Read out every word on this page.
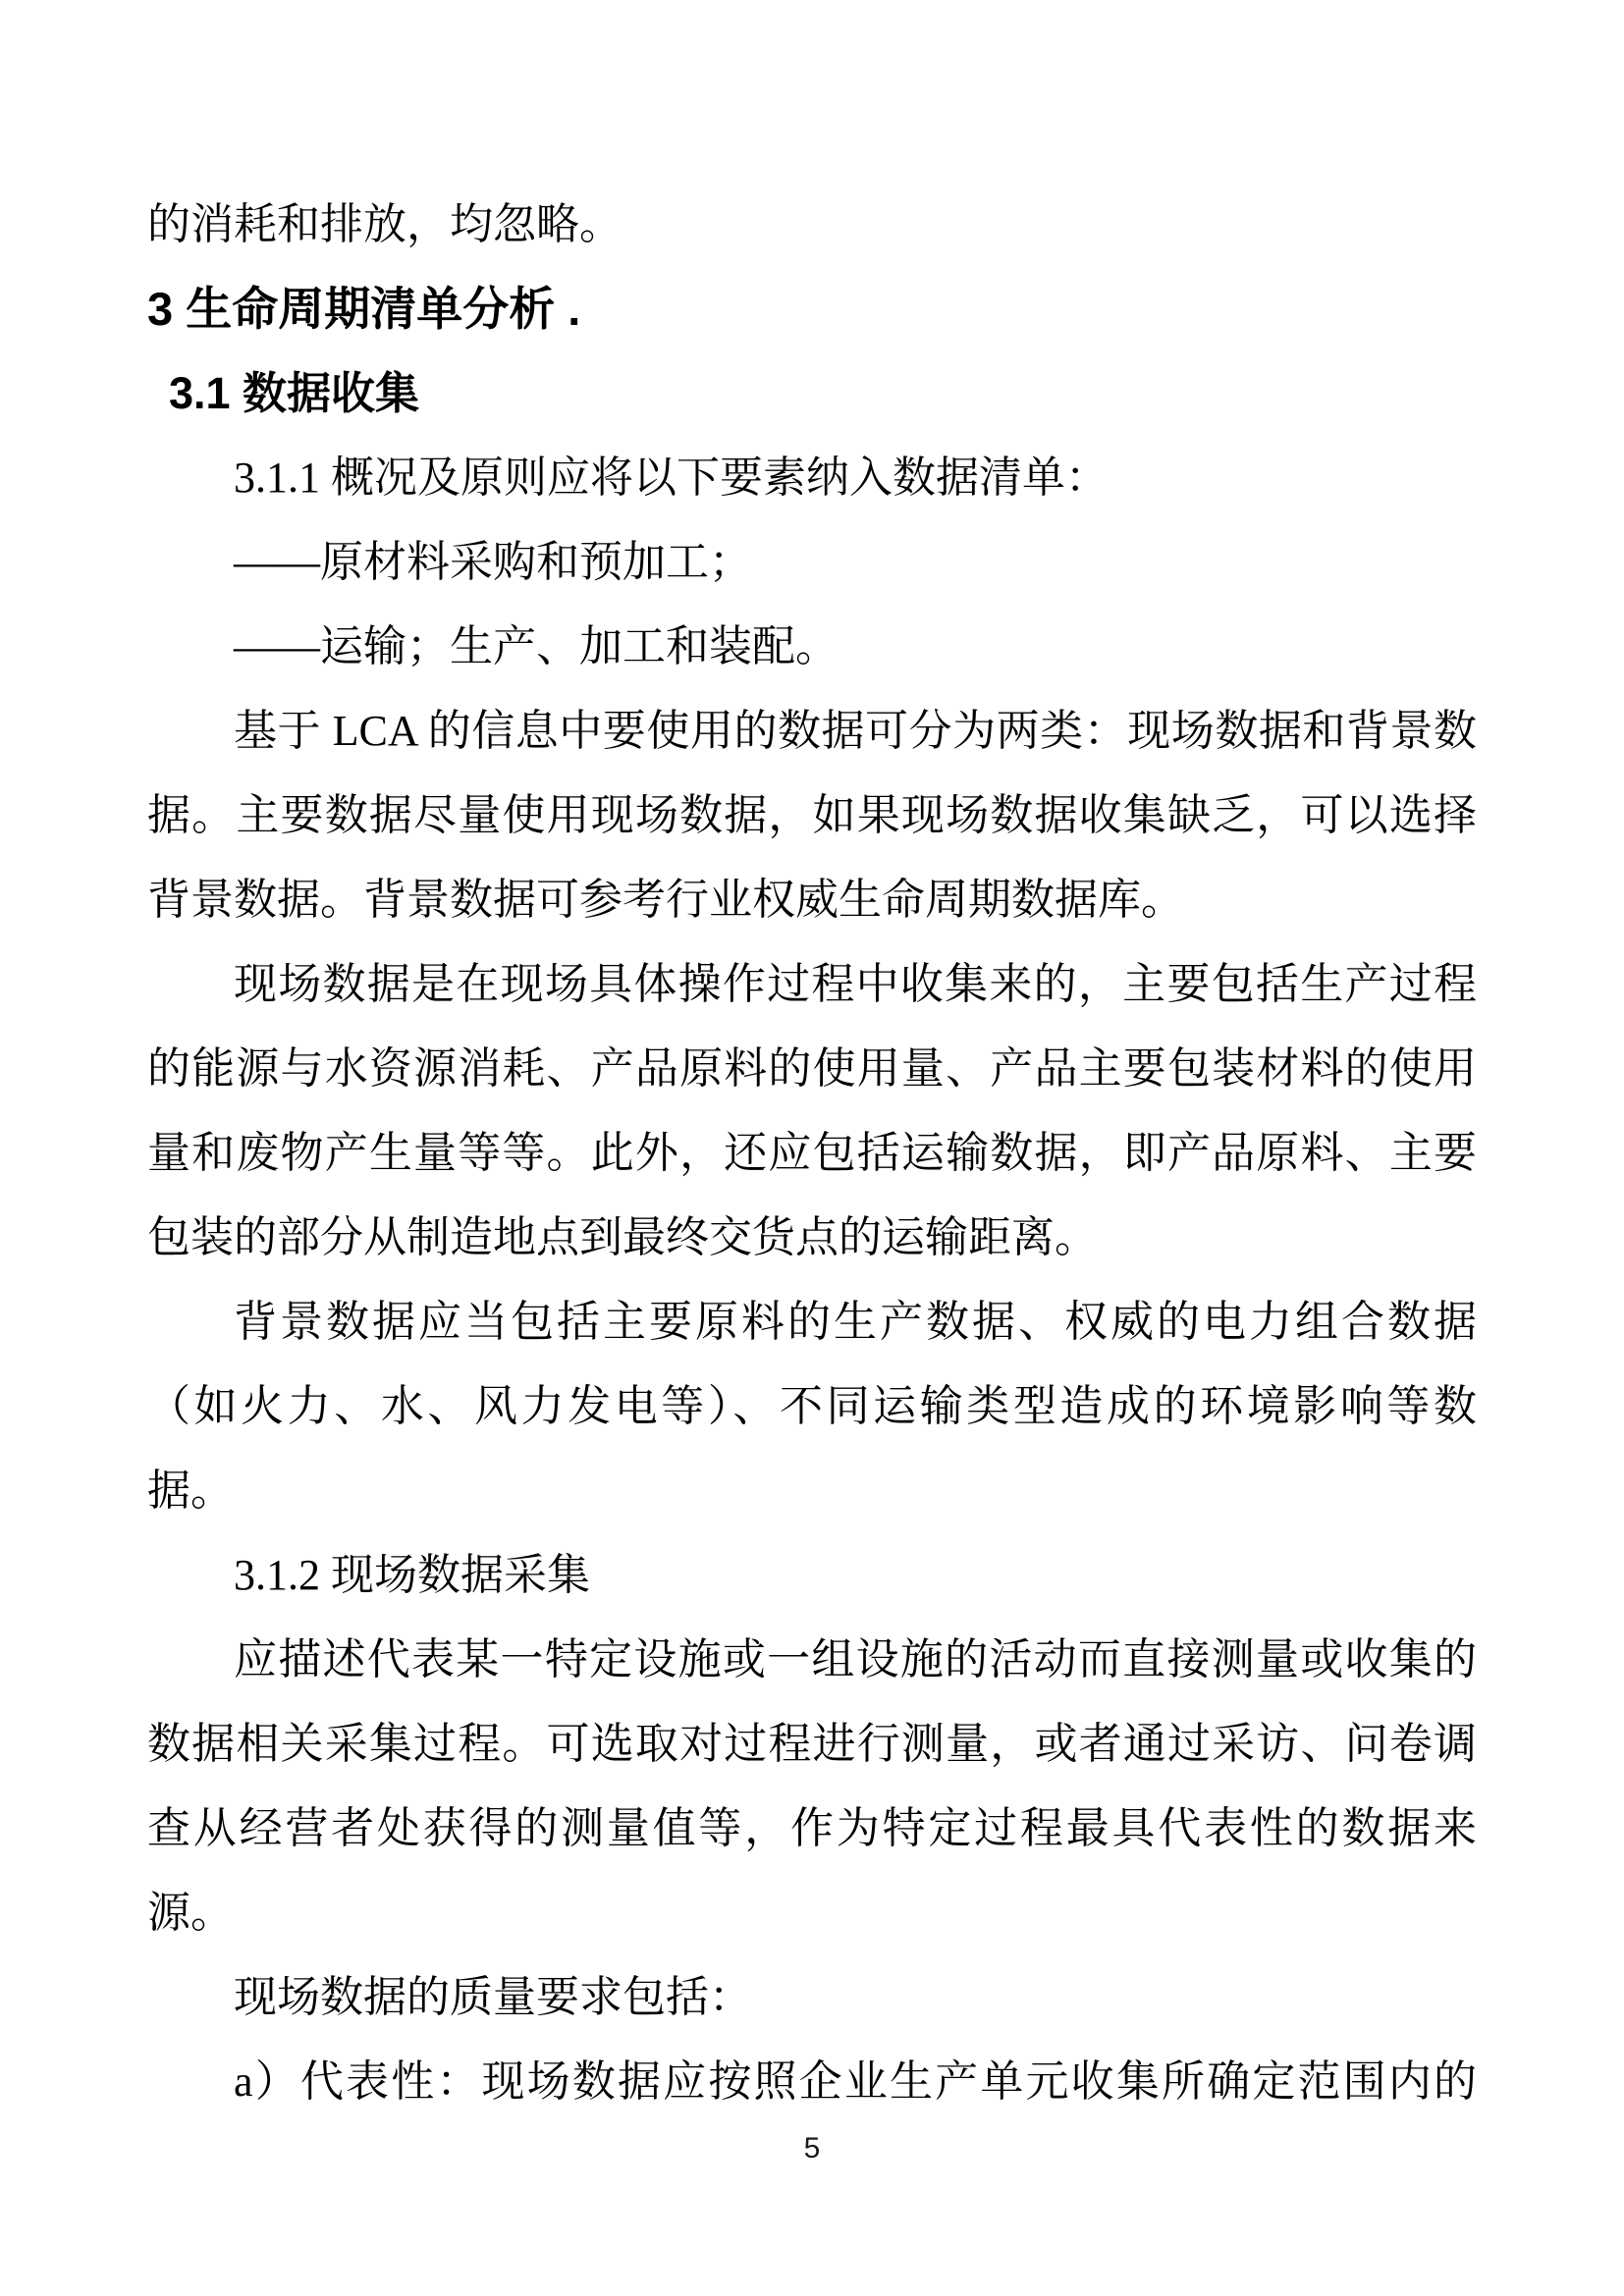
的消耗和排放，均忽略。
3 生命周期清单分析 .
3.1 数据收集
3.1.1 概况及原则应将以下要素纳入数据清单：
——原材料采购和预加工；
——运输；生产、加工和装配。
基于 LCA 的信息中要使用的数据可分为两类：现场数据和背景数
据。主要数据尽量使用现场数据，如果现场数据收集缺乏，可以选择
背景数据。背景数据可参考行业权威生命周期数据库。
现场数据是在现场具体操作过程中收集来的，主要包括生产过程
的能源与水资源消耗、产品原料的使用量、产品主要包装材料的使用
量和废物产生量等等。此外，还应包括运输数据，即产品原料、主要
包装的部分从制造地点到最终交货点的运输距离。
背景数据应当包括主要原料的生产数据、权威的电力组合数据
（如火力、水、风力发电等）、不同运输类型造成的环境影响等数
据。
3.1.2 现场数据采集
应描述代表某一特定设施或一组设施的活动而直接测量或收集的
数据相关采集过程。可选取对过程进行测量，或者通过采访、问卷调
查从经营者处获得的测量值等，作为特定过程最具代表性的数据来
源。
现场数据的质量要求包括：
a）代表性：现场数据应按照企业生产单元收集所确定范围内的
5
